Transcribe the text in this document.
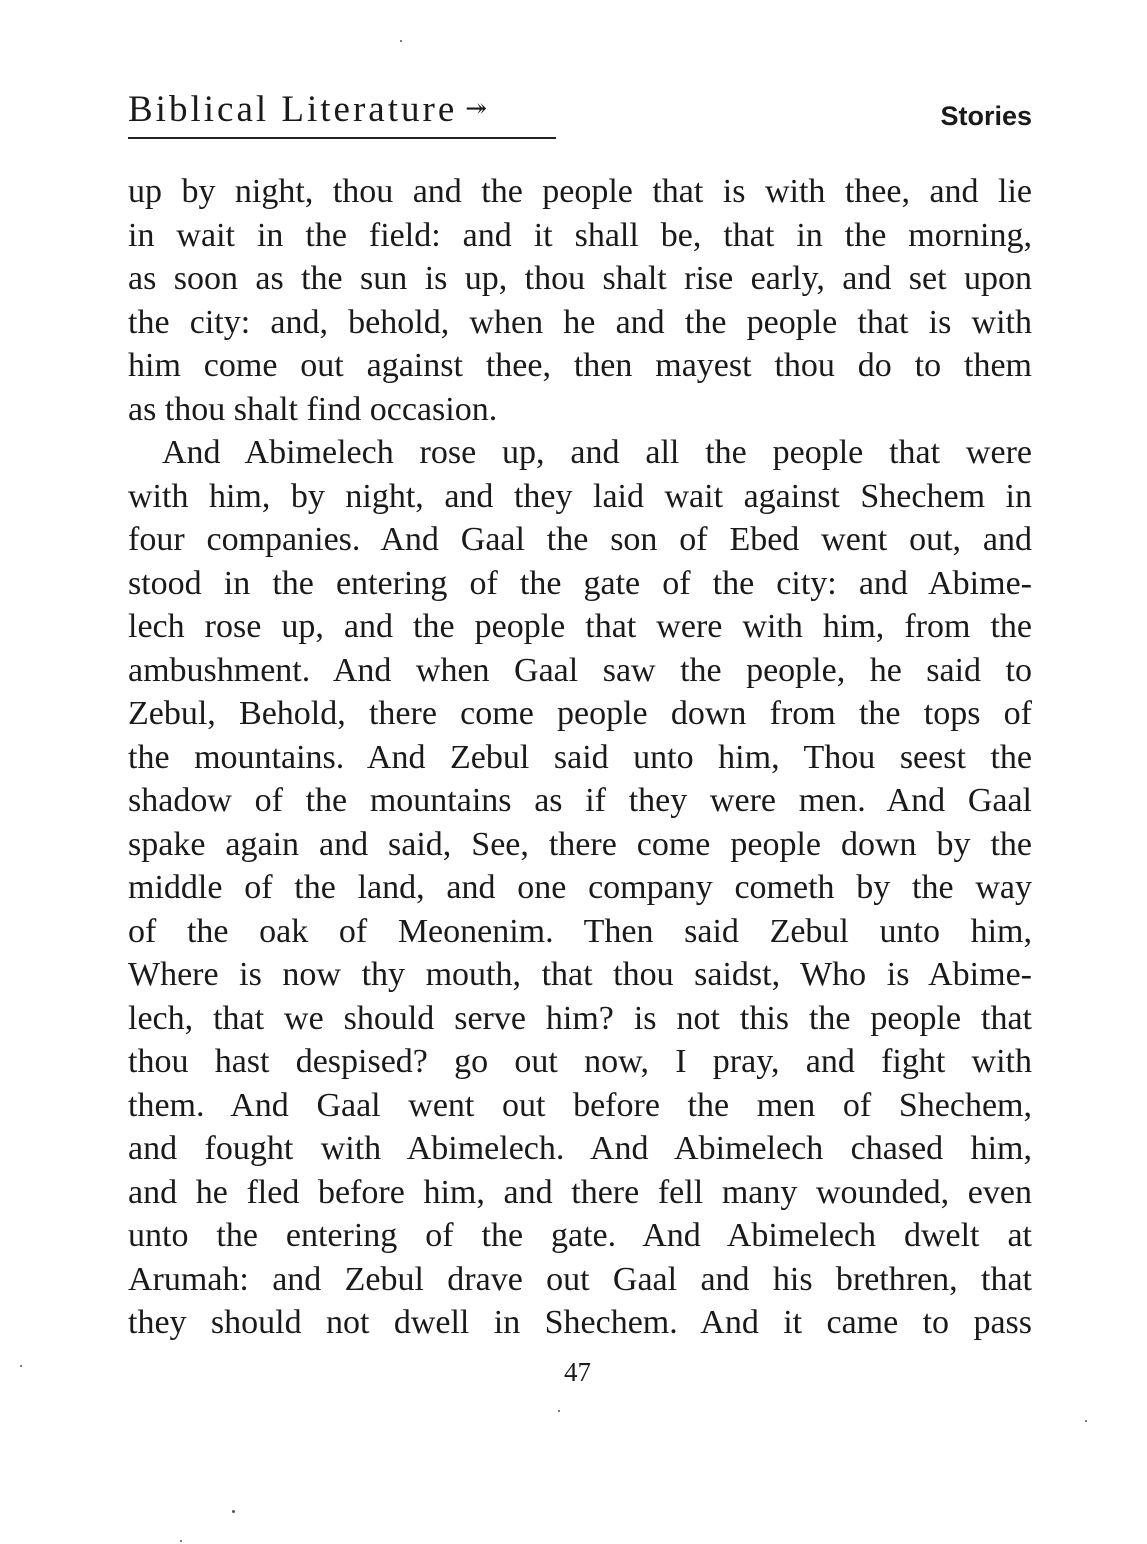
Biblical Literature ↠	Stories
up by night, thou and the people that is with thee, and lie
in wait in the field: and it shall be, that in the morning,
as soon as the sun is up, thou shalt rise early, and set upon
the city: and, behold, when he and the people that is with
him come out against thee, then mayest thou do to them
as thou shalt find occasion.
And Abimelech rose up, and all the people that were
with him, by night, and they laid wait against Shechem in
four companies. And Gaal the son of Ebed went out, and
stood in the entering of the gate of the city: and Abime-
lech rose up, and the people that were with him, from the
ambushment. And when Gaal saw the people, he said to
Zebul, Behold, there come people down from the tops of
the mountains. And Zebul said unto him, Thou seest the
shadow of the mountains as if they were men. And Gaal
spake again and said, See, there come people down by the
middle of the land, and one company cometh by the way
of the oak of Meonenim. Then said Zebul unto him,
Where is now thy mouth, that thou saidst, Who is Abime-
lech, that we should serve him? is not this the people that
thou hast despised? go out now, I pray, and fight with
them. And Gaal went out before the men of Shechem,
and fought with Abimelech. And Abimelech chased him,
and he fled before him, and there fell many wounded, even
unto the entering of the gate. And Abimelech dwelt at
Arumah: and Zebul drave out Gaal and his brethren, that
they should not dwell in Shechem. And it came to pass
47
